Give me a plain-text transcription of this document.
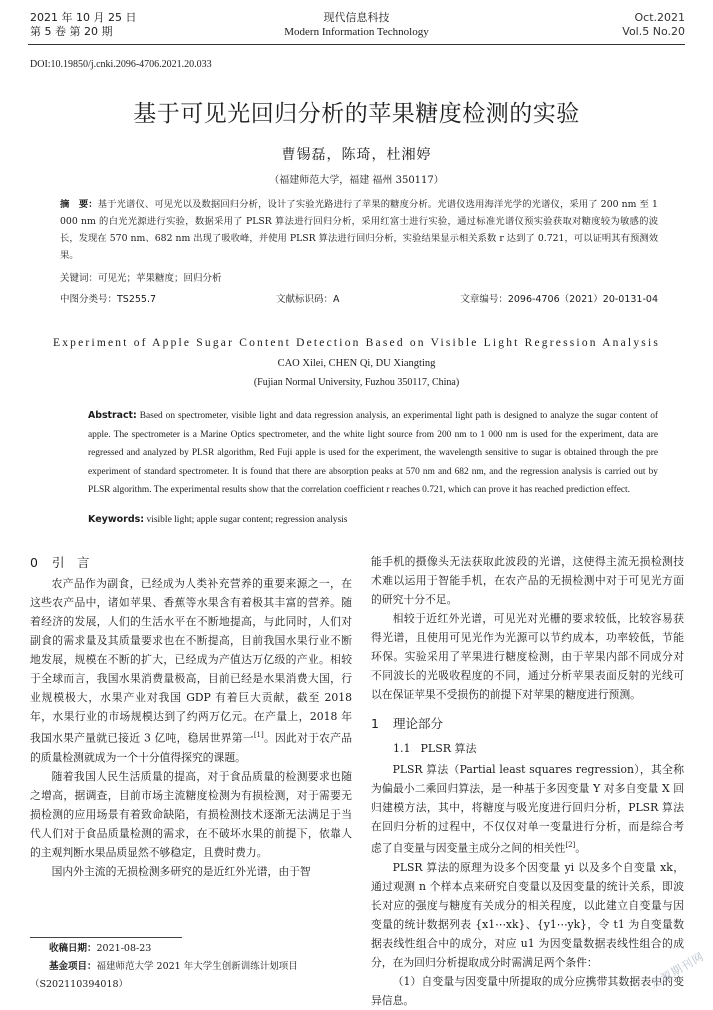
2021 年 10 月 25 日
第 5 卷 第 20 期
现代信息科技
Modern Information Technology
Oct.2021
Vol.5 No.20
DOI:10.19850/j.cnki.2096-4706.2021.20.033
基于可见光回归分析的苹果糖度检测的实验
曹锡磊，陈琦，杜湘婷
（福建师范大学，福建 福州 350117）
摘　要：基于光谱仪、可见光以及数据回归分析，设计了实验光路进行了苹果的糖度分析。光谱仪选用海洋光学的光谱仪，采用了 200 nm 至 1 000 nm 的白光光源进行实验，数据采用了 PLSR 算法进行回归分析，采用红富士进行实验，通过标准光谱仪预实验获取对糖度较为敏感的波长，发现在 570 nm、682 nm 出现了吸收峰，并使用 PLSR 算法进行回归分析，实验结果显示相关系数 r 达到了 0.721，可以证明其有预测效果。
关键词：可见光；苹果糖度；回归分析
中图分类号：TS255.7	文献标识码：A	文章编号：2096-4706（2021）20-0131-04
Experiment of Apple Sugar Content Detection Based on Visible Light Regression Analysis
CAO Xilei, CHEN Qi, DU Xiangting
(Fujian Normal University, Fuzhou 350117, China)
Abstract: Based on spectrometer, visible light and data regression analysis, an experimental light path is designed to analyze the sugar content of apple. The spectrometer is a Marine Optics spectrometer, and the white light source from 200 nm to 1 000 nm is used for the experiment, data are regressed and analyzed by PLSR algorithm, Red Fuji apple is used for the experiment, the wavelength sensitive to sugar is obtained through the pre experiment of standard spectrometer. It is found that there are absorption peaks at 570 nm and 682 nm, and the regression analysis is carried out by PLSR algorithm. The experimental results show that the correlation coefficient r reaches 0.721, which can prove it has reached prediction effect.
Keywords: visible light; apple sugar content; regression analysis
0 引　言

农产品作为副食，已经成为人类补充营养的重要来源之一，在这些农产品中，诸如苹果、香蕉等水果含有着极其丰富的营养。随着经济的发展，人们的生活水平在不断地提高，与此同时，人们对副食的需求量及其质量要求也在不断提高，目前我国水果行业不断地发展，规模在不断的扩大，已经成为产值达万亿级的产业。相较于全球而言，我国水果消费量极高，目前已经是水果消费大国，行业规模极大，水果产业对我国 GDP 有着巨大贡献，截至 2018 年，水果行业的市场规模达到了约两万亿元。在产量上，2018 年我国水果产量就已接近 3 亿吨，稳居世界第一[1]。因此对于农产品的质量检测就成为一个十分值得探究的课题。

随着我国人民生活质量的提高，对于食品质量的检测要求也随之增高，据调查，目前市场主流糖度检测为有损检测，对于需要无损检测的应用场景有着致命缺陷，有损检测技术逐渐无法满足于当代人们对于食品质量检测的需求，在不破坏水果的前提下，依靠人的主观判断水果品质显然不够稳定，且费时费力。

国内外主流的无损检测多研究的是近红外光谱，由于智

能手机的摄像头无法获取此波段的光谱，这使得主流无损检测技术难以运用于智能手机，在农产品的无损检测中对于可见光方面的研究十分不足。

相较于近红外光谱，可见光对光栅的要求较低，比较容易获得光谱，且使用可见光作为光源可以节约成本，功率较低，节能环保。实验采用了苹果进行糖度检测，由于苹果内部不同成分对不同波长的光吸收程度的不同，通过分析苹果表面反射的光线可以在保证苹果不受损伤的前提下对苹果的糖度进行预测。

1 理论部分
1.1 PLSR 算法

PLSR 算法（Partial least squares regression），其全称为偏最小二乘回归算法，是一种基于多因变量 Y 对多自变量 X 回归建模方法，其中，将糖度与吸光度进行回归分析，PLSR 算法在回归分析的过程中，不仅仅对单一变量进行分析，而是综合考虑了自变量与因变量主成分之间的相关性[2]。

PLSR 算法的原理为设多个因变量 yi 以及多个自变量 xk，通过观测 n 个样本点来研究自变量以及因变量的统计关系，即波长对应的强度与糖度有关成分的相关程度，以此建立自变量与因变量的统计数据列表 {x1⋯xk}、{y1⋯yk}，令 t1 为自变量数据表线性组合中的成分，对应 u1 为因变量数据表线性组合的成分，在为回归分析提取成分时需满足两个条件：

（1）自变量与因变量中所提取的成分应携带其数据表中的变异信息。

收稿日期：2021-08-23
基金项目：福建师范大学 2021 年大学生创新训练计划项目（S202110394018）	龙源期刊网
